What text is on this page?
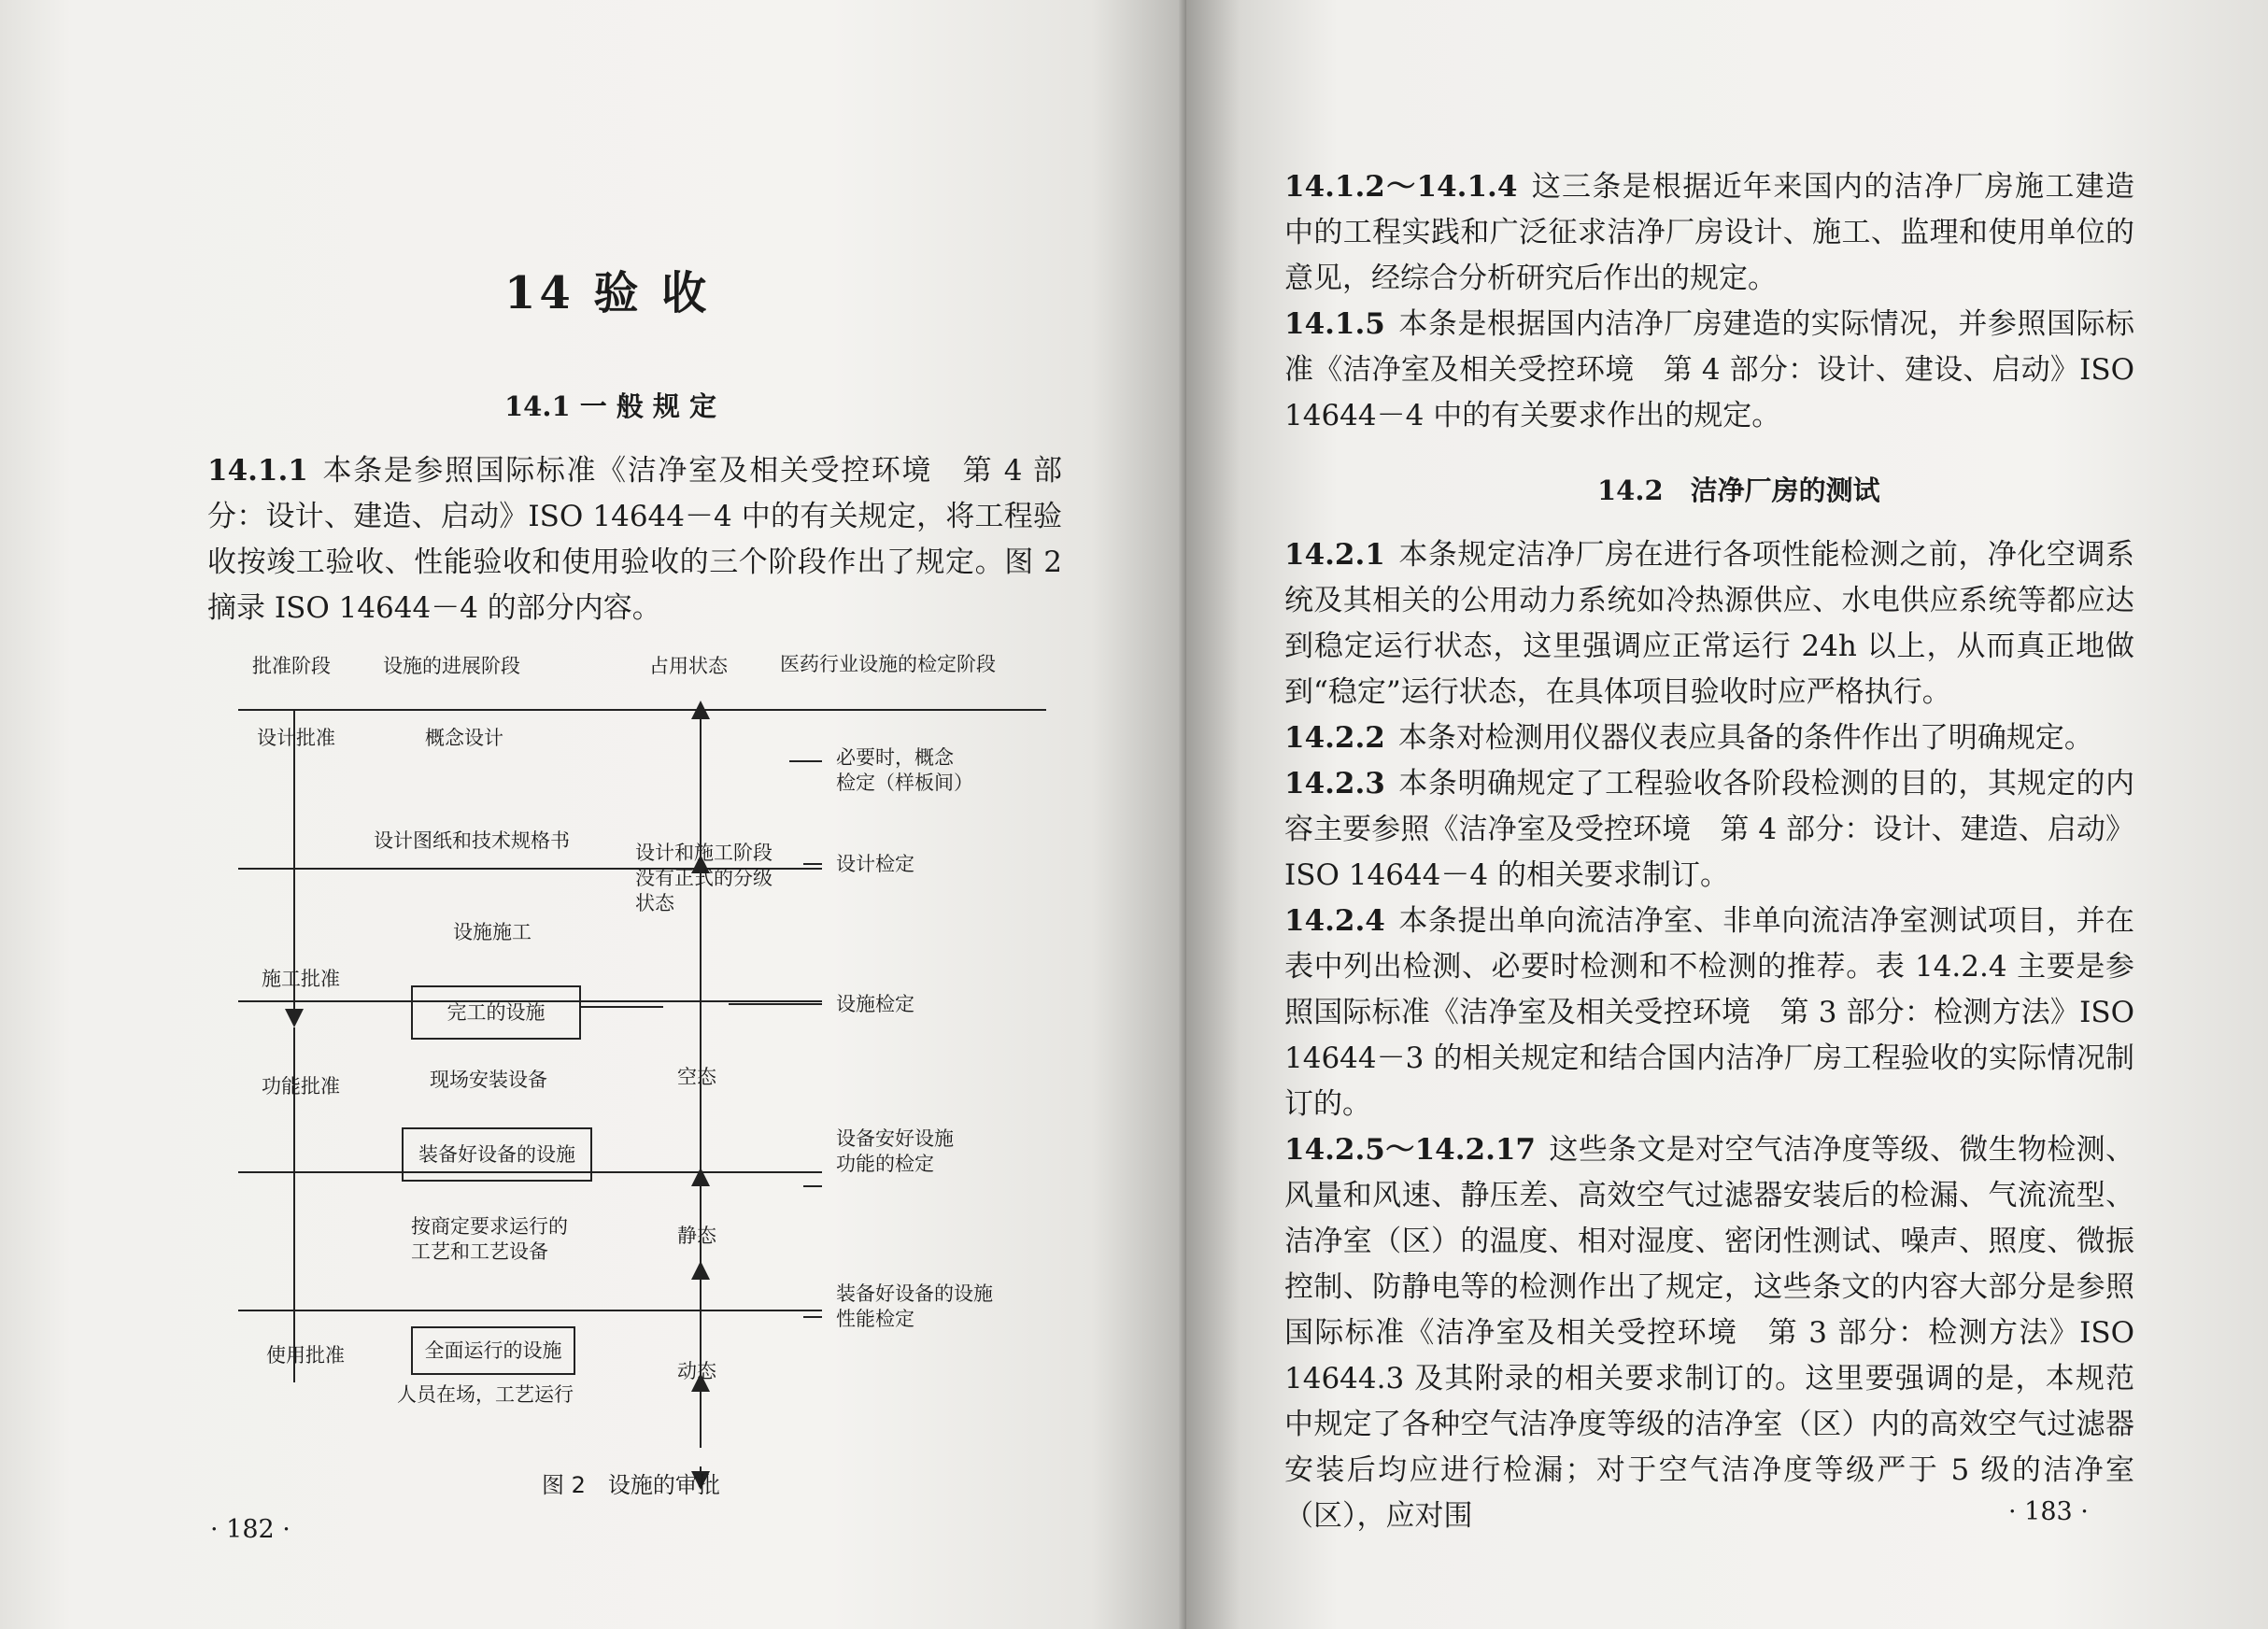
14 验 收
14.1 一 般 规 定

14.1.1 本条是参照国际标准《洁净室及相关受控环境　第 4 部分：设计、建造、启动》ISO 14644－4 中的有关规定，将工程验收按竣工验收、性能验收和使用验收的三个阶段作出了规定。图 2 摘录 ISO 14644－4 的部分内容。

批准阶段	设施的进展阶段	占用状态	医药行业设施的检定阶段
设计批准	概念设计
必要时，概念
检定（样板间）
设计图纸和技术规格书
设计和施工阶段
没有正式的分级
状态
设计检定
设施施工
施工批准
完工的设施	设施检定
功能批准	现场安装设备	空态
装备好设备的设施
设备安好设施
功能的检定
按商定要求运行的
工艺和工艺设备
静态
装备好设备的设施
性能检定
使用批准	全面运行的设施
动态
人员在场，工艺运行
图 2　设施的审批
· 182 ·

14.1.2～14.1.4 这三条是根据近年来国内的洁净厂房施工建造中的工程实践和广泛征求洁净厂房设计、施工、监理和使用单位的意见，经综合分析研究后作出的规定。

14.1.5 本条是根据国内洁净厂房建造的实际情况，并参照国际标准《洁净室及相关受控环境　第 4 部分：设计、建设、启动》ISO 14644－4 中的有关要求作出的规定。

14.2　洁净厂房的测试

14.2.1 本条规定洁净厂房在进行各项性能检测之前，净化空调系统及其相关的公用动力系统如冷热源供应、水电供应系统等都应达到稳定运行状态，这里强调应正常运行 24h 以上，从而真正地做到“稳定”运行状态，在具体项目验收时应严格执行。

14.2.2 本条对检测用仪器仪表应具备的条件作出了明确规定。

14.2.3 本条明确规定了工程验收各阶段检测的目的，其规定的内容主要参照《洁净室及受控环境　第 4 部分：设计、建造、启动》ISO 14644－4 的相关要求制订。

14.2.4 本条提出单向流洁净室、非单向流洁净室测试项目，并在表中列出检测、必要时检测和不检测的推荐。表 14.2.4 主要是参照国际标准《洁净室及相关受控环境　第 3 部分：检测方法》ISO 14644－3 的相关规定和结合国内洁净厂房工程验收的实际情况制订的。

14.2.5～14.2.17 这些条文是对空气洁净度等级、微生物检测、风量和风速、静压差、高效空气过滤器安装后的检漏、气流流型、洁净室（区）的温度、相对湿度、密闭性测试、噪声、照度、微振控制、防静电等的检测作出了规定，这些条文的内容大部分是参照国际标准《洁净室及相关受控环境　第 3 部分：检测方法》ISO 14644.3 及其附录的相关要求制订的。这里要强调的是，本规范中规定了各种空气洁净度等级的洁净室（区）内的高效空气过滤器安装后均应进行检漏；对于空气洁净度等级严于 5 级的洁净室（区），应对围	· 183 ·
